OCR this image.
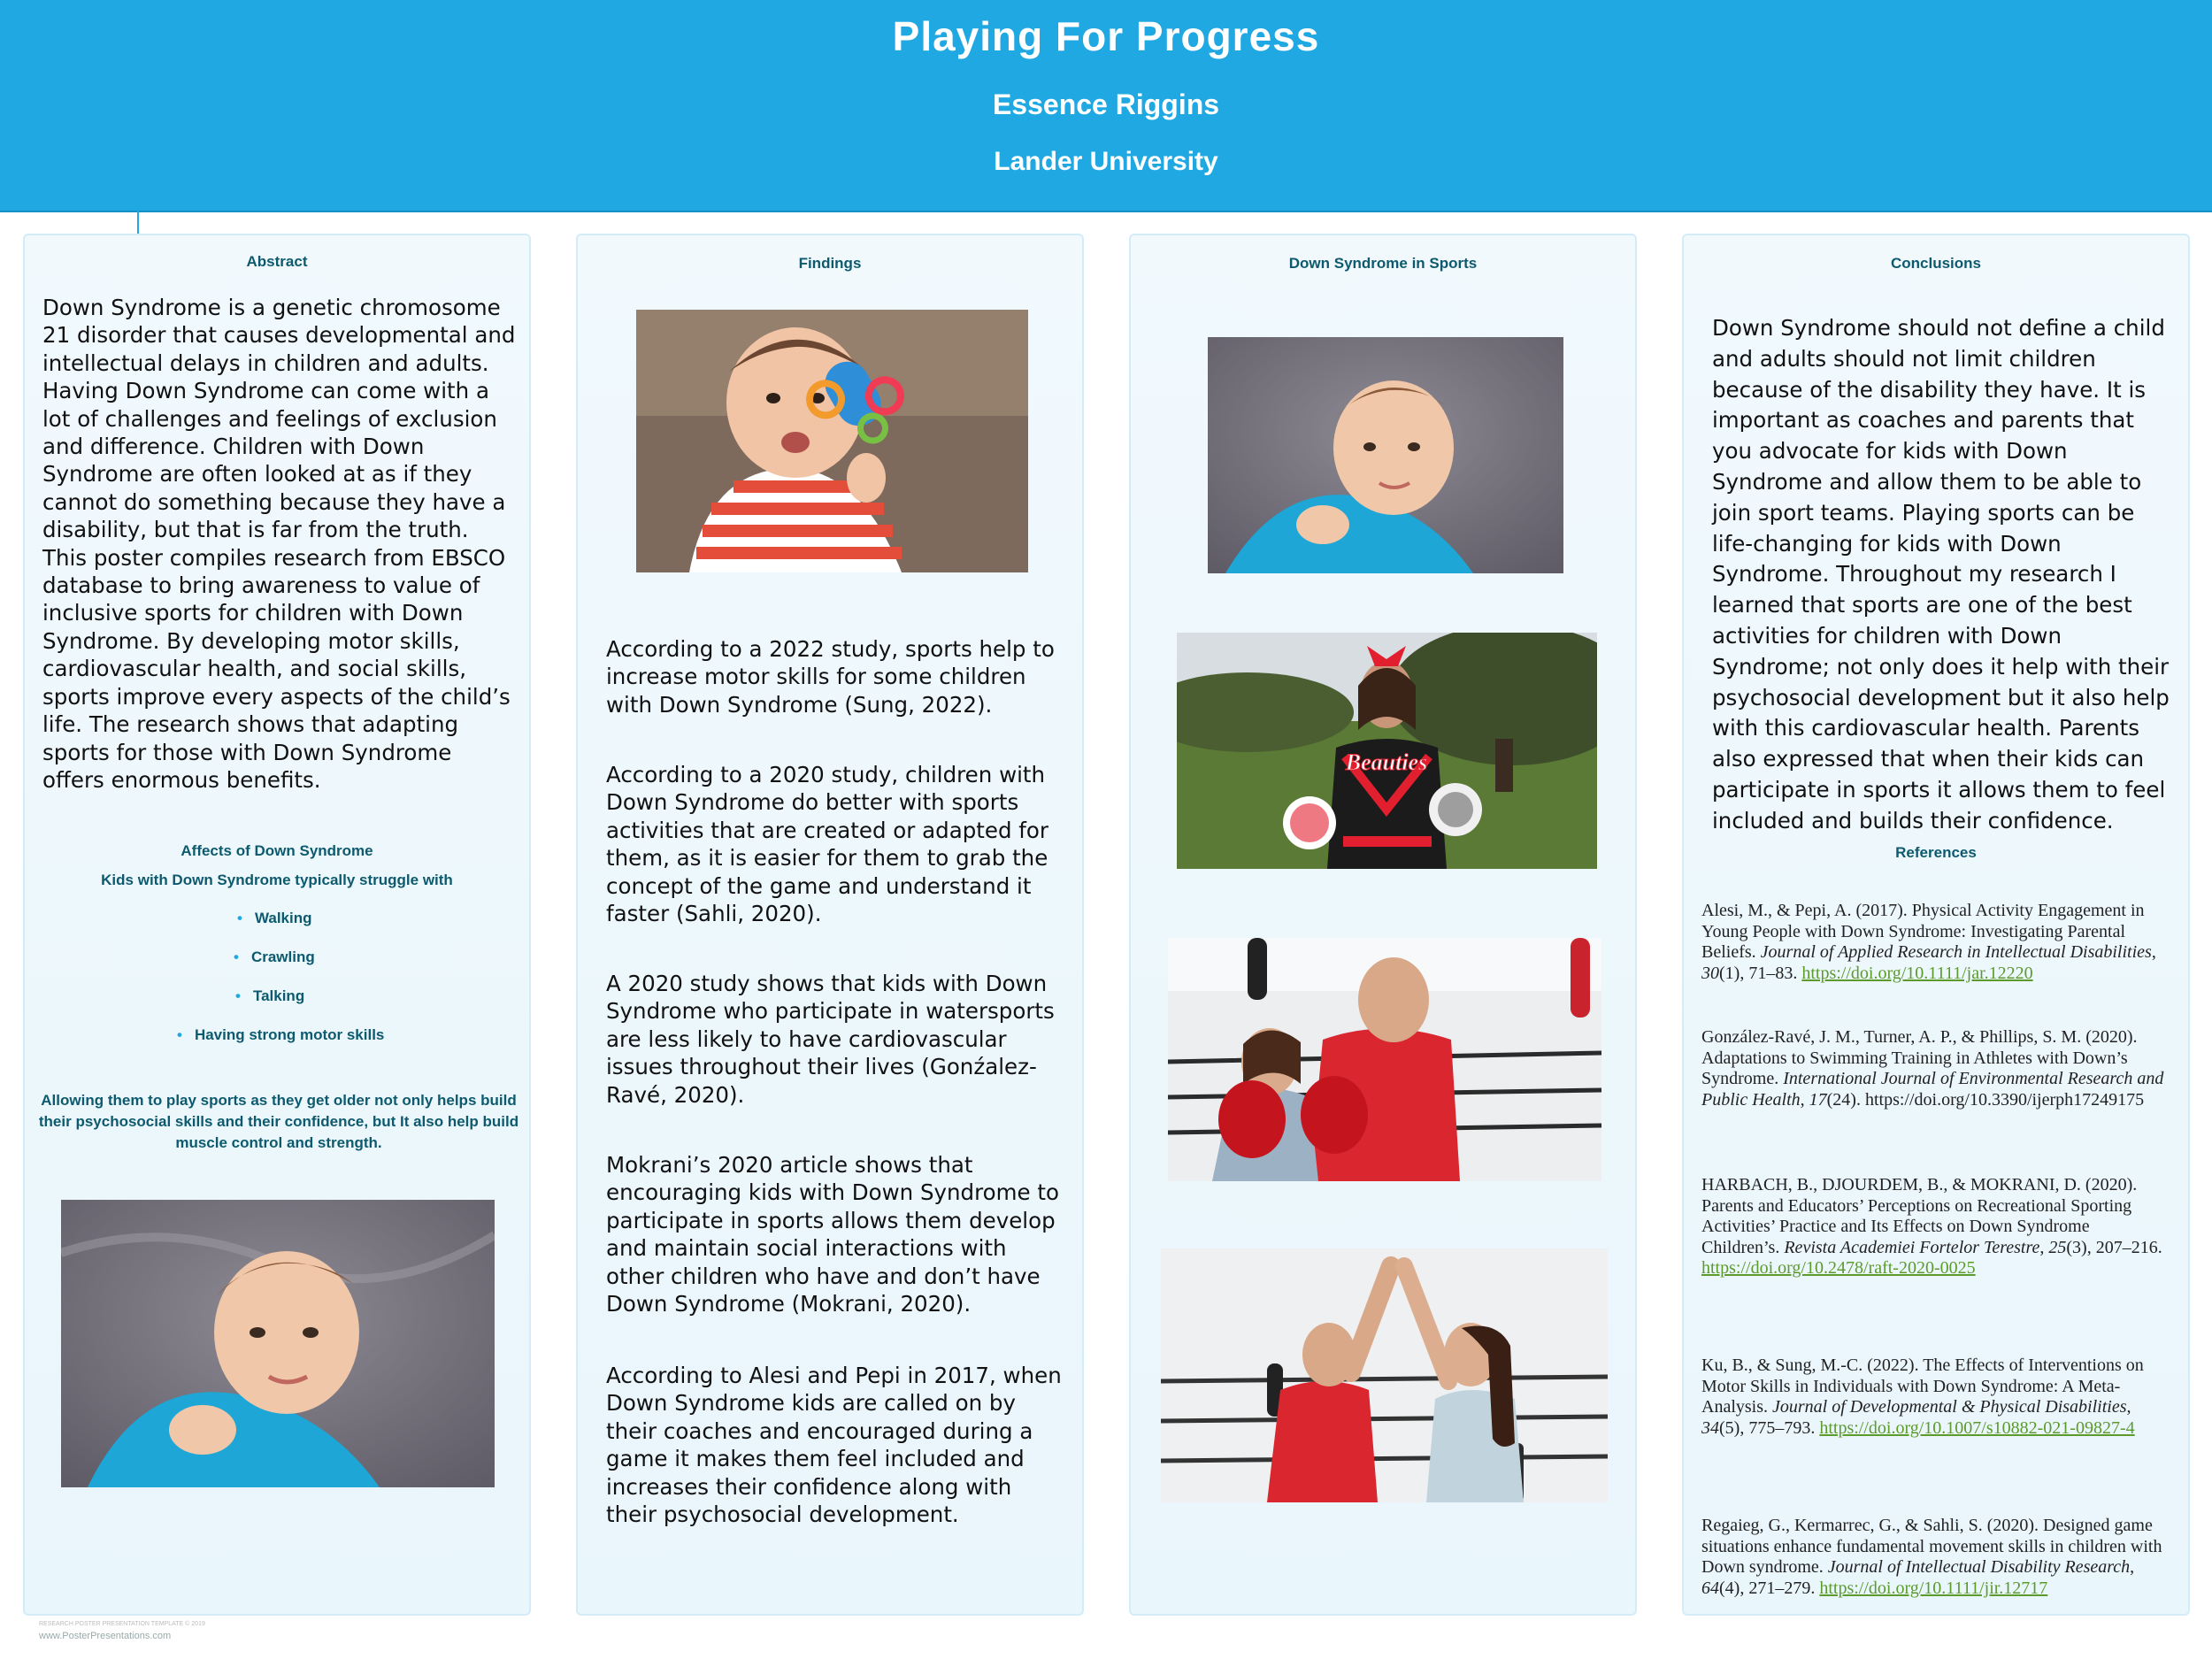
Playing For Progress
Essence Riggins
Lander University
Abstract
Down Syndrome is a genetic chromosome 21 disorder that causes developmental and intellectual delays in children and adults. Having Down Syndrome can come with a lot of challenges and feelings of exclusion and difference. Children with Down Syndrome are often looked at as if they cannot do something because they have a disability, but that is far from the truth. This poster compiles research from EBSCO database to bring awareness to value of inclusive sports for children with Down Syndrome. By developing motor skills, cardiovascular health, and social skills, sports improve every aspects of the child’s life. The research shows that adapting sports for those with Down Syndrome offers enormous benefits.
Affects of Down Syndrome
Kids with Down Syndrome typically struggle with
• Walking
• Crawling
• Talking
• Having strong motor skills
Allowing them to play sports as they get older not only helps build their psychosocial skills and their confidence, but It also help build muscle control and strength.
Findings
According to a 2022 study, sports help to increase motor skills for some children with Down Syndrome (Sung, 2022).
According to a 2020 study, children with Down Syndrome do better with sports activities that are created or adapted for them, as it is easier for them to grab the concept of the game and understand it faster (Sahli, 2020).
A 2020 study shows that kids with Down Syndrome who participate in watersports are less likely to have cardiovascular issues throughout their lives (Gonźalez-Ravé, 2020).
Mokrani’s 2020 article shows that encouraging kids with Down Syndrome to participate in sports allows them develop and maintain social interactions with other children who have and don’t have Down Syndrome (Mokrani, 2020).
According to Alesi and Pepi in 2017, when Down Syndrome kids are called on by their coaches and encouraged during a game it makes them feel included and increases their confidence along with their psychosocial development.
Down Syndrome in Sports
Beauties
Conclusions
Down Syndrome should not define a child and adults should not limit children because of the disability they have. It is important as coaches and parents that you advocate for kids with Down Syndrome and allow them to be able to join sport teams. Playing sports can be life-changing for kids with Down Syndrome. Throughout my research I learned that sports are one of the best activities for children with Down Syndrome; not only does it help with their psychosocial development but it also help with this cardiovascular health. Parents also expressed that when their kids can participate in sports it allows them to feel included and builds their confidence.
References
Alesi, M., & Pepi, A. (2017). Physical Activity Engagement in Young People with Down Syndrome: Investigating Parental Beliefs. Journal of Applied Research in Intellectual Disabilities, 30(1), 71–83. https://doi.org/10.1111/jar.12220
González-Ravé, J. M., Turner, A. P., & Phillips, S. M. (2020). Adaptations to Swimming Training in Athletes with Down’s Syndrome. International Journal of Environmental Research and Public Health, 17(24). https://doi.org/10.3390/ijerph17249175
HARBACH, B., DJOURDEM, B., & MOKRANI, D. (2020). Parents and Educators’ Perceptions on Recreational Sporting Activities’ Practice and Its Effects on Down Syndrome Children’s. Revista Academiei Fortelor Terestre, 25(3), 207–216. https://doi.org/10.2478/raft-2020-0025
Ku, B., & Sung, M.-C. (2022). The Effects of Interventions on Motor Skills in Individuals with Down Syndrome: A Meta-Analysis. Journal of Developmental & Physical Disabilities, 34(5), 775–793. https://doi.org/10.1007/s10882-021-09827-4
Regaieg, G., Kermarrec, G., & Sahli, S. (2020). Designed game situations enhance fundamental movement skills in children with Down syndrome. Journal of Intellectual Disability Research, 64(4), 271–279. https://doi.org/10.1111/jir.12717
RESEARCH POSTER PRESENTATION TEMPLATE © 2019
www.PosterPresentations.com
